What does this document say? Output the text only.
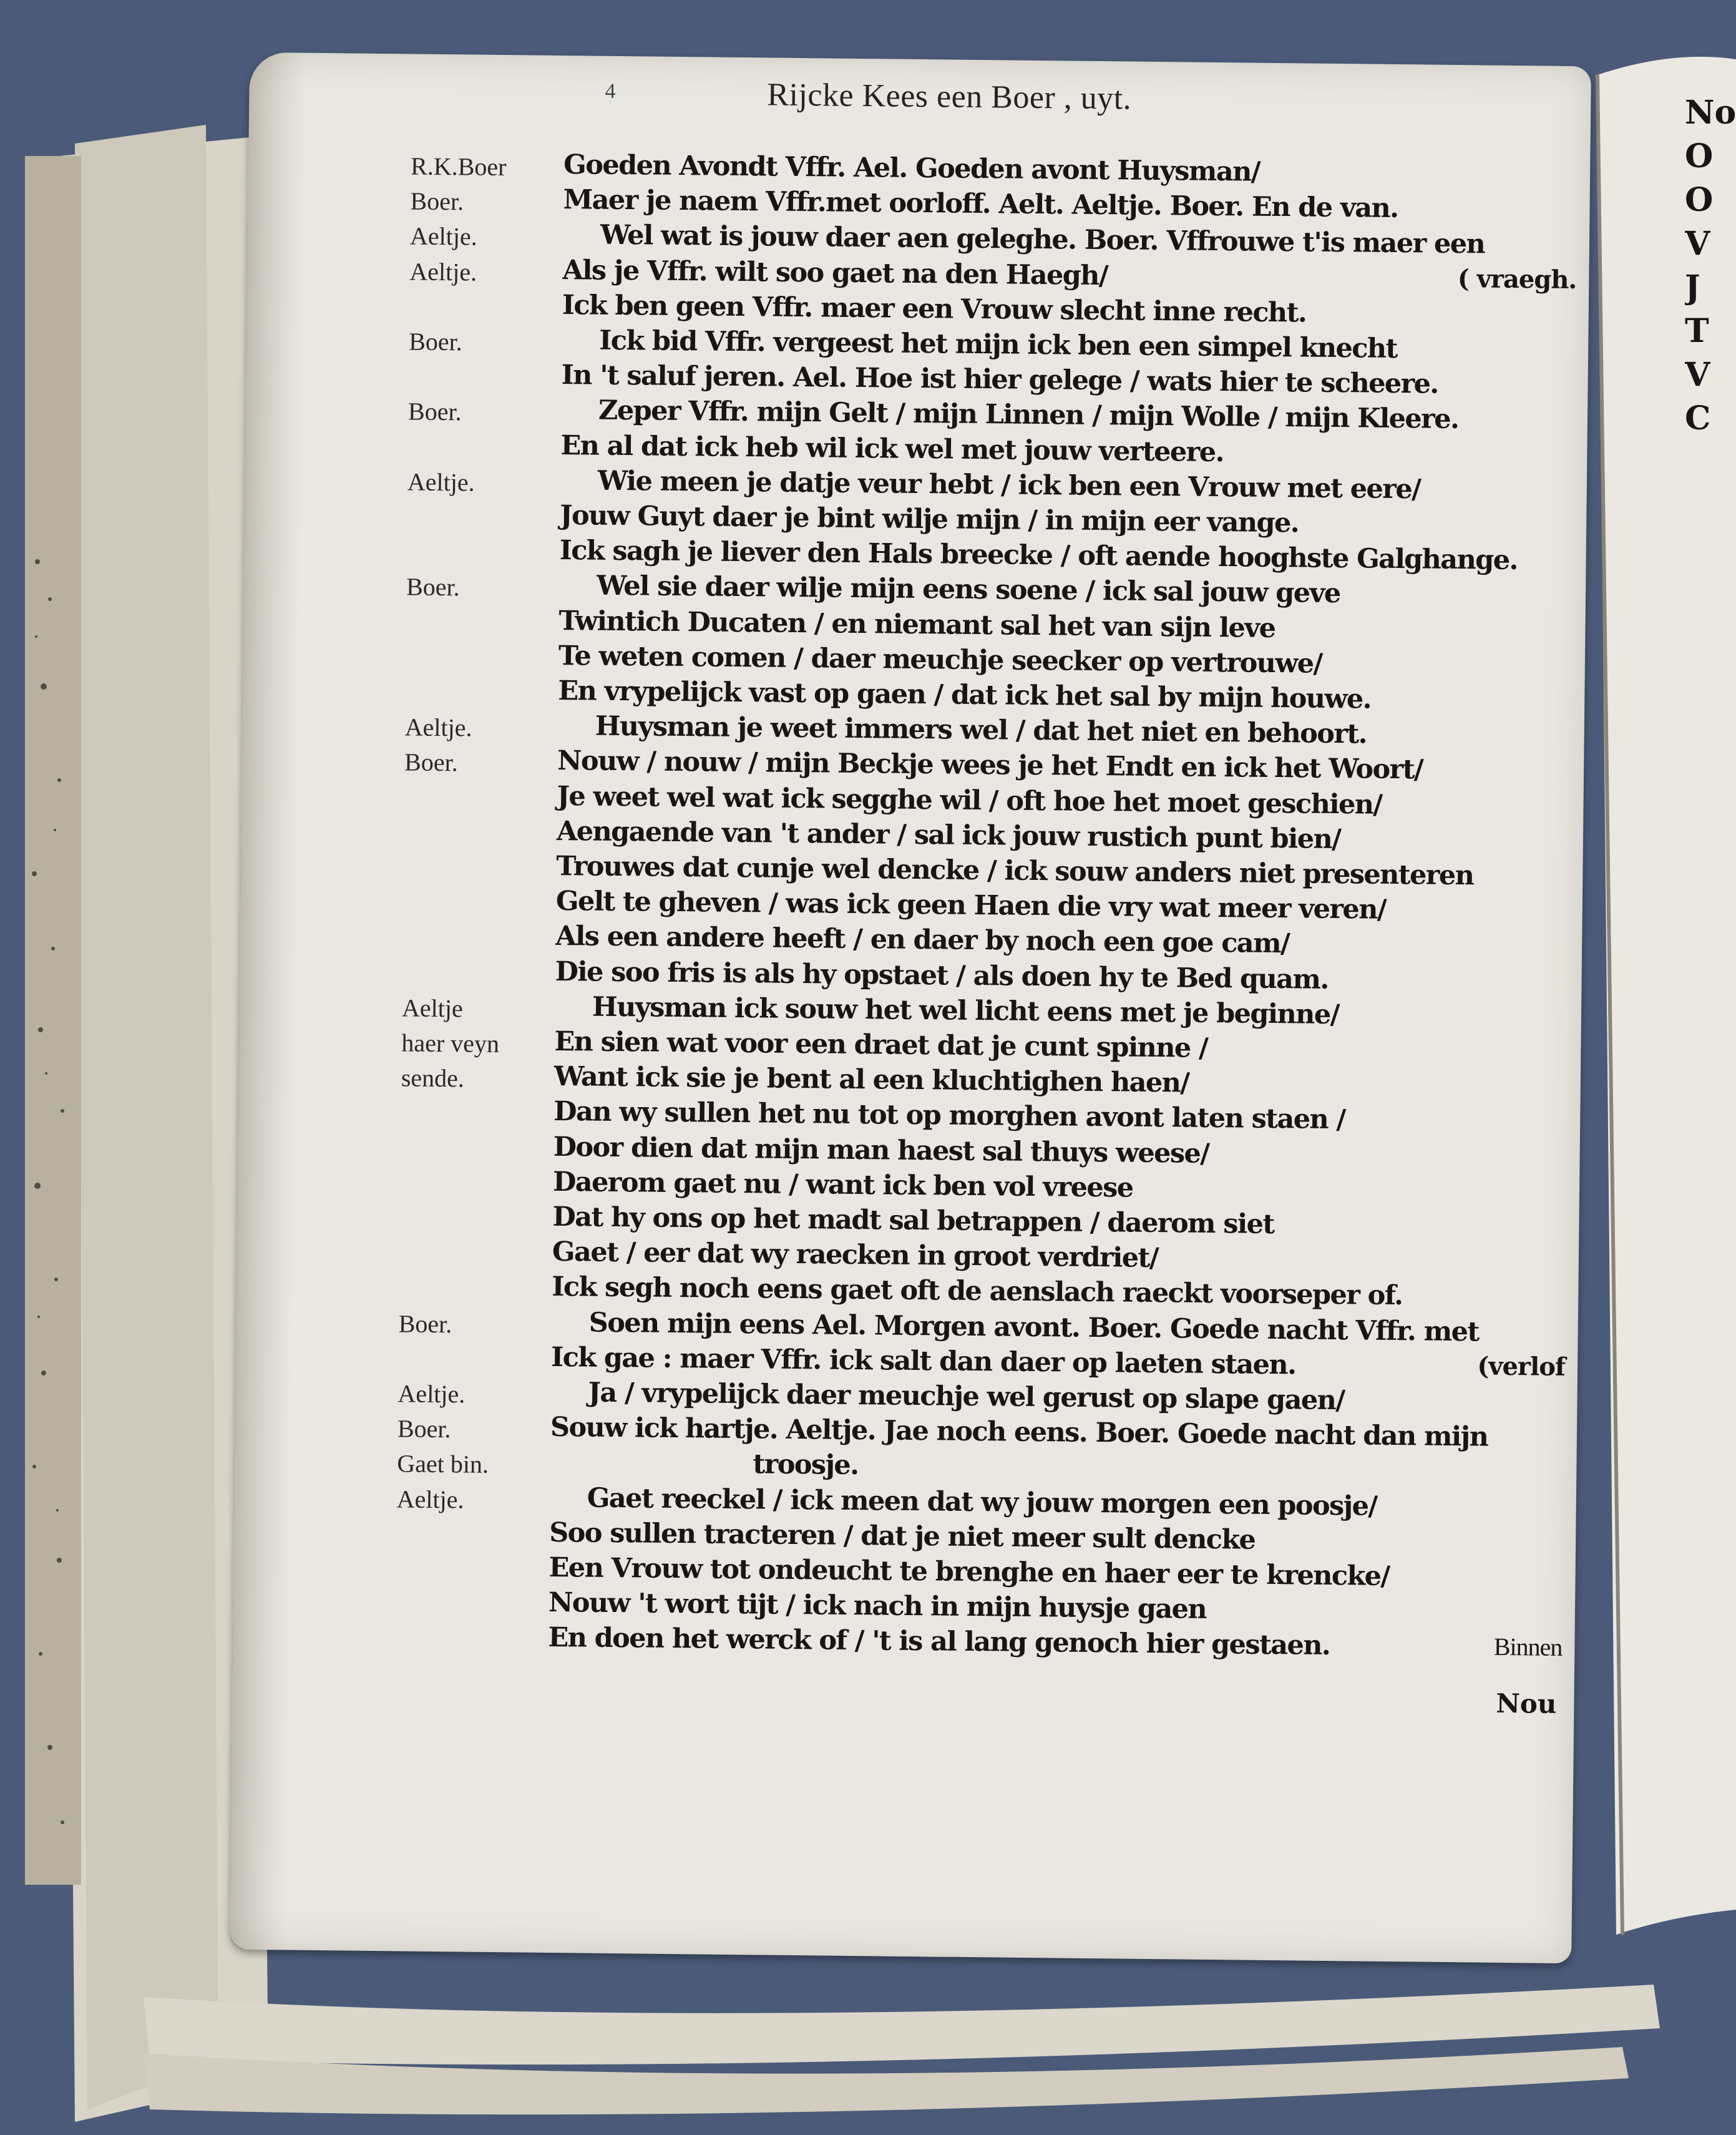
4	Rijcke Kees een Boer , uyt.
R.K.Boer	Goeden Avondt Vffr. Ael. Goeden avont Huysman/
Boer.	Maer je naem Vffr.met oorloff. Aelt. Aeltje. Boer. En de van.
Aeltje.	Wel wat is jouw daer aen geleghe. Boer. Vffrouwe t'is maer een
Aeltje.	Als je Vffr. wilt soo gaet na den Haegh/	( vraegh.
Ick ben geen Vffr. maer een Vrouw slecht inne recht.
Boer.	Ick bid Vffr. vergeest het mijn ick ben een simpel knecht
In 't saluf jeren. Ael. Hoe ist hier gelege / wats hier te scheere.
Boer.	Zeper Vffr. mijn Gelt / mijn Linnen / mijn Wolle / mijn Kleere.
En al dat ick heb wil ick wel met jouw verteere.
Aeltje.	Wie meen je datje veur hebt / ick ben een Vrouw met eere/
Jouw Guyt daer je bint wilje mijn / in mijn eer vange.
Ick sagh je liever den Hals breecke / oft aende hooghste Galghange.
Boer.	Wel sie daer wilje mijn eens soene / ick sal jouw geve
Twintich Ducaten / en niemant sal het van sijn leve
Te weten comen / daer meuchje seecker op vertrouwe/
En vrypelijck vast op gaen / dat ick het sal by mijn houwe.
Aeltje.	Huysman je weet immers wel / dat het niet en behoort.
Boer.	Nouw / nouw / mijn Beckje wees je het Endt en ick het Woort/
Je weet wel wat ick segghe wil / oft hoe het moet geschien/
Aengaende van 't ander / sal ick jouw rustich punt bien/
Trouwes dat cunje wel dencke / ick souw anders niet presenteren
Gelt te gheven / was ick geen Haen die vry wat meer veren/
Als een andere heeft / en daer by noch een goe cam/
Die soo fris is als hy opstaet / als doen hy te Bed quam.
Aeltje	Huysman ick souw het wel licht eens met je beginne/
haer veyn	En sien wat voor een draet dat je cunt spinne /
sende.	Want ick sie je bent al een kluchtighen haen/
Dan wy sullen het nu tot op morghen avont laten staen /
Door dien dat mijn man haest sal thuys weese/
Daerom gaet nu / want ick ben vol vreese
Dat hy ons op het madt sal betrappen / daerom siet
Gaet / eer dat wy raecken in groot verdriet/
Ick segh noch eens gaet oft de aenslach raeckt voorseper of.
Boer.	Soen mijn eens Ael. Morgen avont. Boer. Goede nacht Vffr. met
Ick gae : maer Vffr. ick salt dan daer op laeten staen.	(verlof
Aeltje.	Ja / vrypelijck daer meuchje wel gerust op slape gaen/
Boer.	Souw ick hartje. Aeltje. Jae noch eens. Boer. Goede nacht dan mijn
Gaet bin.	troosje.
Aeltje.	Gaet reeckel / ick meen dat wy jouw morgen een poosje/
Soo sullen tracteren / dat je niet meer sult dencke
Een Vrouw tot ondeucht te brenghe en haer eer te krencke/
Nouw 't wort tijt / ick nach in mijn huysje gaen
En doen het werck of / 't is al lang genoch hier gestaen.	Binnen
Nou
No
O
O
V
J
T
V
C
